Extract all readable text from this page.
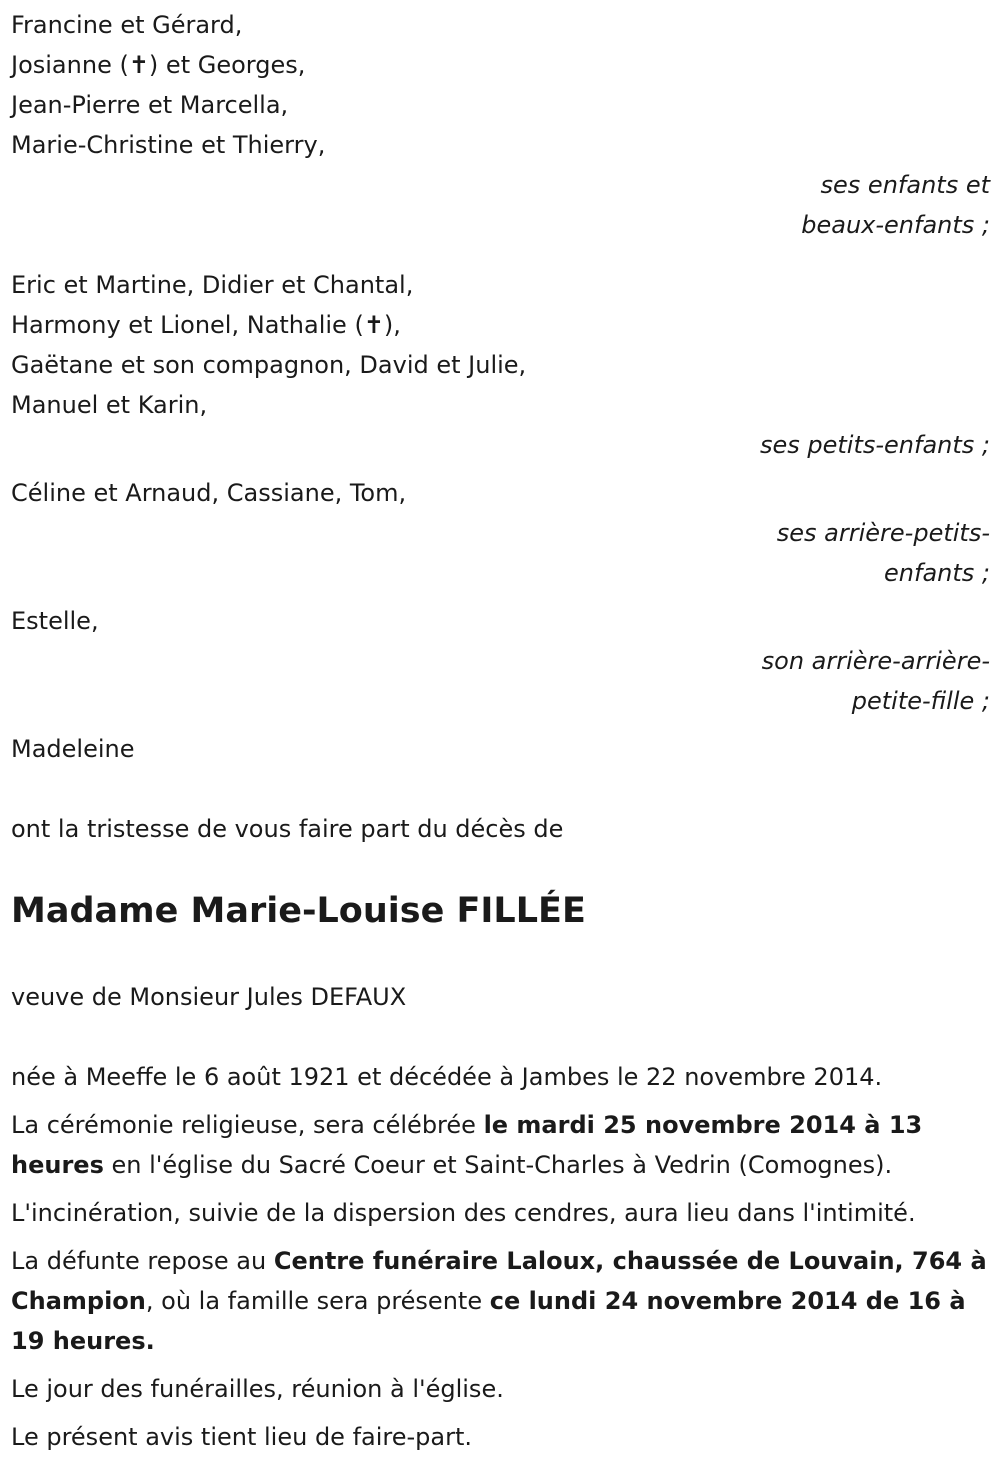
Francine et Gérard,
Josianne (✝) et Georges,
Jean-Pierre et Marcella,
Marie-Christine et Thierry,
ses enfants et
beaux-enfants ;
Eric et Martine, Didier et Chantal,
Harmony et Lionel, Nathalie (✝),
Gaëtane et son compagnon, David et Julie,
Manuel et Karin,
ses petits-enfants ;
Céline et Arnaud, Cassiane, Tom,
ses arrière-petits-
enfants ;
Estelle,
son arrière-arrière-
petite-fille ;
Madeleine
ont la tristesse de vous faire part du décès de
Madame Marie-Louise FILLÉE
veuve de Monsieur Jules DEFAUX
née à Meeffe le 6 août 1921 et décédée à Jambes le 22 novembre 2014.

La cérémonie religieuse, sera célébrée le mardi 25 novembre 2014 à 13 heures en l'église du Sacré Coeur et Saint-Charles à Vedrin (Comognes).

L'incinération, suivie de la dispersion des cendres, aura lieu dans l'intimité.

La défunte repose au Centre funéraire Laloux, chaussée de Louvain, 764 à Champion, où la famille sera présente ce lundi 24 novembre 2014 de 16 à 19 heures.

Le jour des funérailles, réunion à l'église.

Le présent avis tient lieu de faire-part.
